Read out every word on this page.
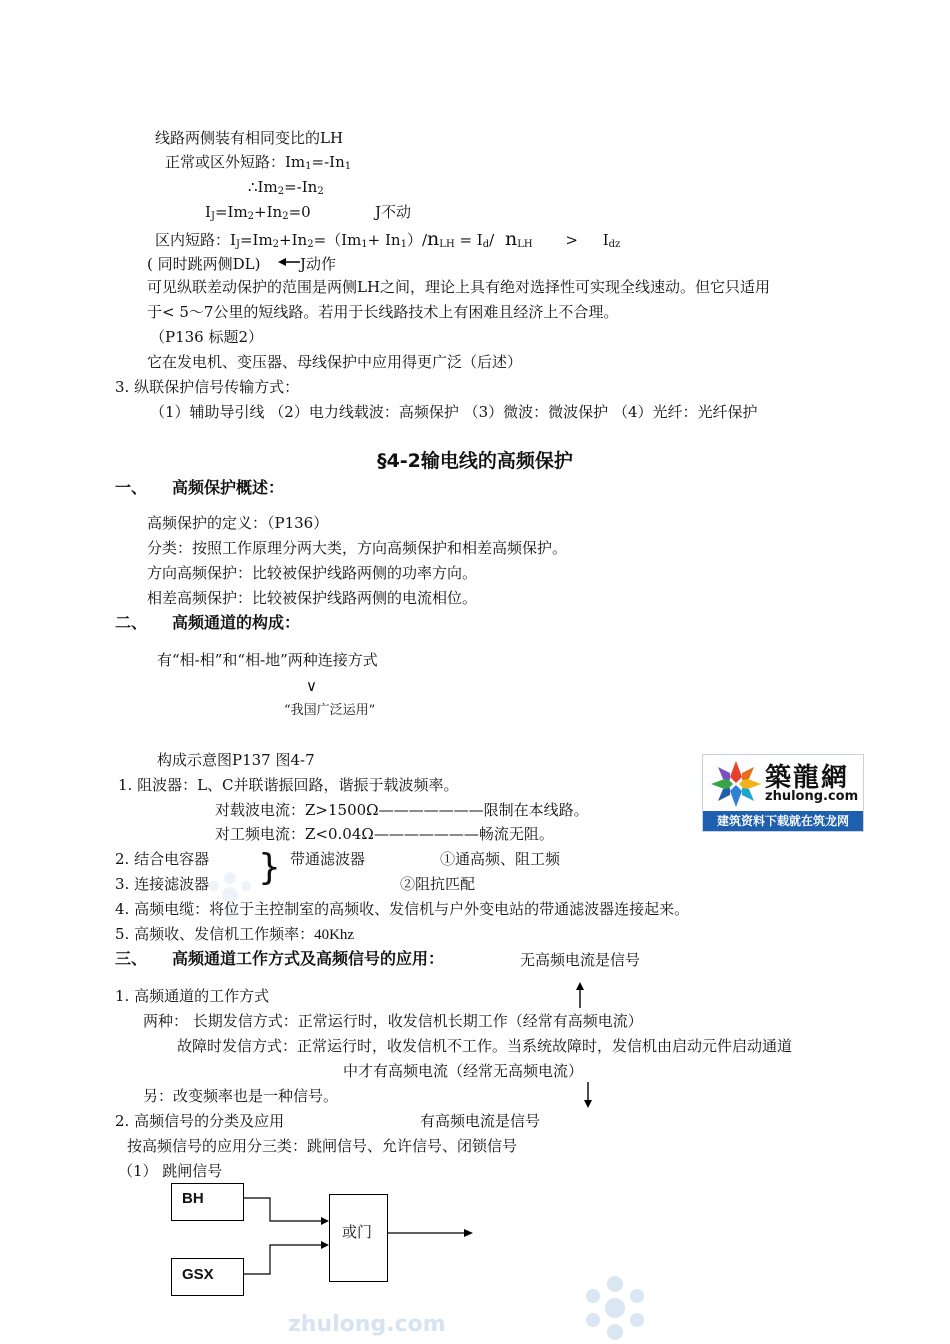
zhulong.com
线路两侧装有相同变比的LH
正常或区外短路：$Im_1=-In_1$
$\therefore Im_2=-In_2$
$I_J=Im_2+In_2=0$	J不动
区内短路：$I_J=Im_2+In_2=(Im_1+ In_1)/n_{LH} = I_d/$ $n_{LH} > I_{dz}$
( 同时跳两侧DL)	J动作
可见纵联差动保护的范围是两侧LH之间，理论上具有绝对选择性可实现全线速动。但它只适用
于< 5～7公里的短线路。若用于长线路技术上有困难且经济上不合理。
（P136 标题2）
它在发电机、变压器、母线保护中应用得更广泛（后述）
3. 纵联保护信号传输方式：
（1）辅助导引线 （2）电力线载波：高频保护 （3）微波：微波保护 （4）光纤：光纤保护
§4-2输电线的高频保护
一、 高频保护概述：
高频保护的定义：（P136）
分类：按照工作原理分两大类，方向高频保护和相差高频保护。
方向高频保护：比较被保护线路两侧的功率方向。
相差高频保护：比较被保护线路两侧的电流相位。
二、 高频通道的构成：
有“相-相”和“相-地”两种连接方式
∨
“我国广泛运用”
构成示意图P137 图4-7
1. 阻波器：L、C并联谐振回路，谐振于载波频率。
对载波电流：Z>1500Ω———————限制在本线路。
对工频电流：Z<0.04Ω———————畅流无阻。
2. 结合电容器 } 带通滤波器	①通高频、阻工频
3. 连接滤波器	②阻抗匹配
4. 高频电缆：将位于主控制室的高频收、发信机与户外变电站的带通滤波器连接起来。
5. 高频收、发信机工作频率：40Khz
築龍網
zhulong.com
建筑资料下载就在筑龙网
三、 高频通道工作方式及高频信号的应用：	无高频电流是信号
1. 高频通道的工作方式
两种： 长期发信方式：正常运行时，收发信机长期工作（经常有高频电流）
故障时发信方式：正常运行时，收发信机不工作。当系统故障时，发信机由启动元件启动通道
中才有高频电流（经常无高频电流）
另：改变频率也是一种信号。
2. 高频信号的分类及应用	有高频电流是信号
按高频信号的应用分三类：跳闸信号、允许信号、闭锁信号
（1） 跳闸信号
BH
GSX
或门
